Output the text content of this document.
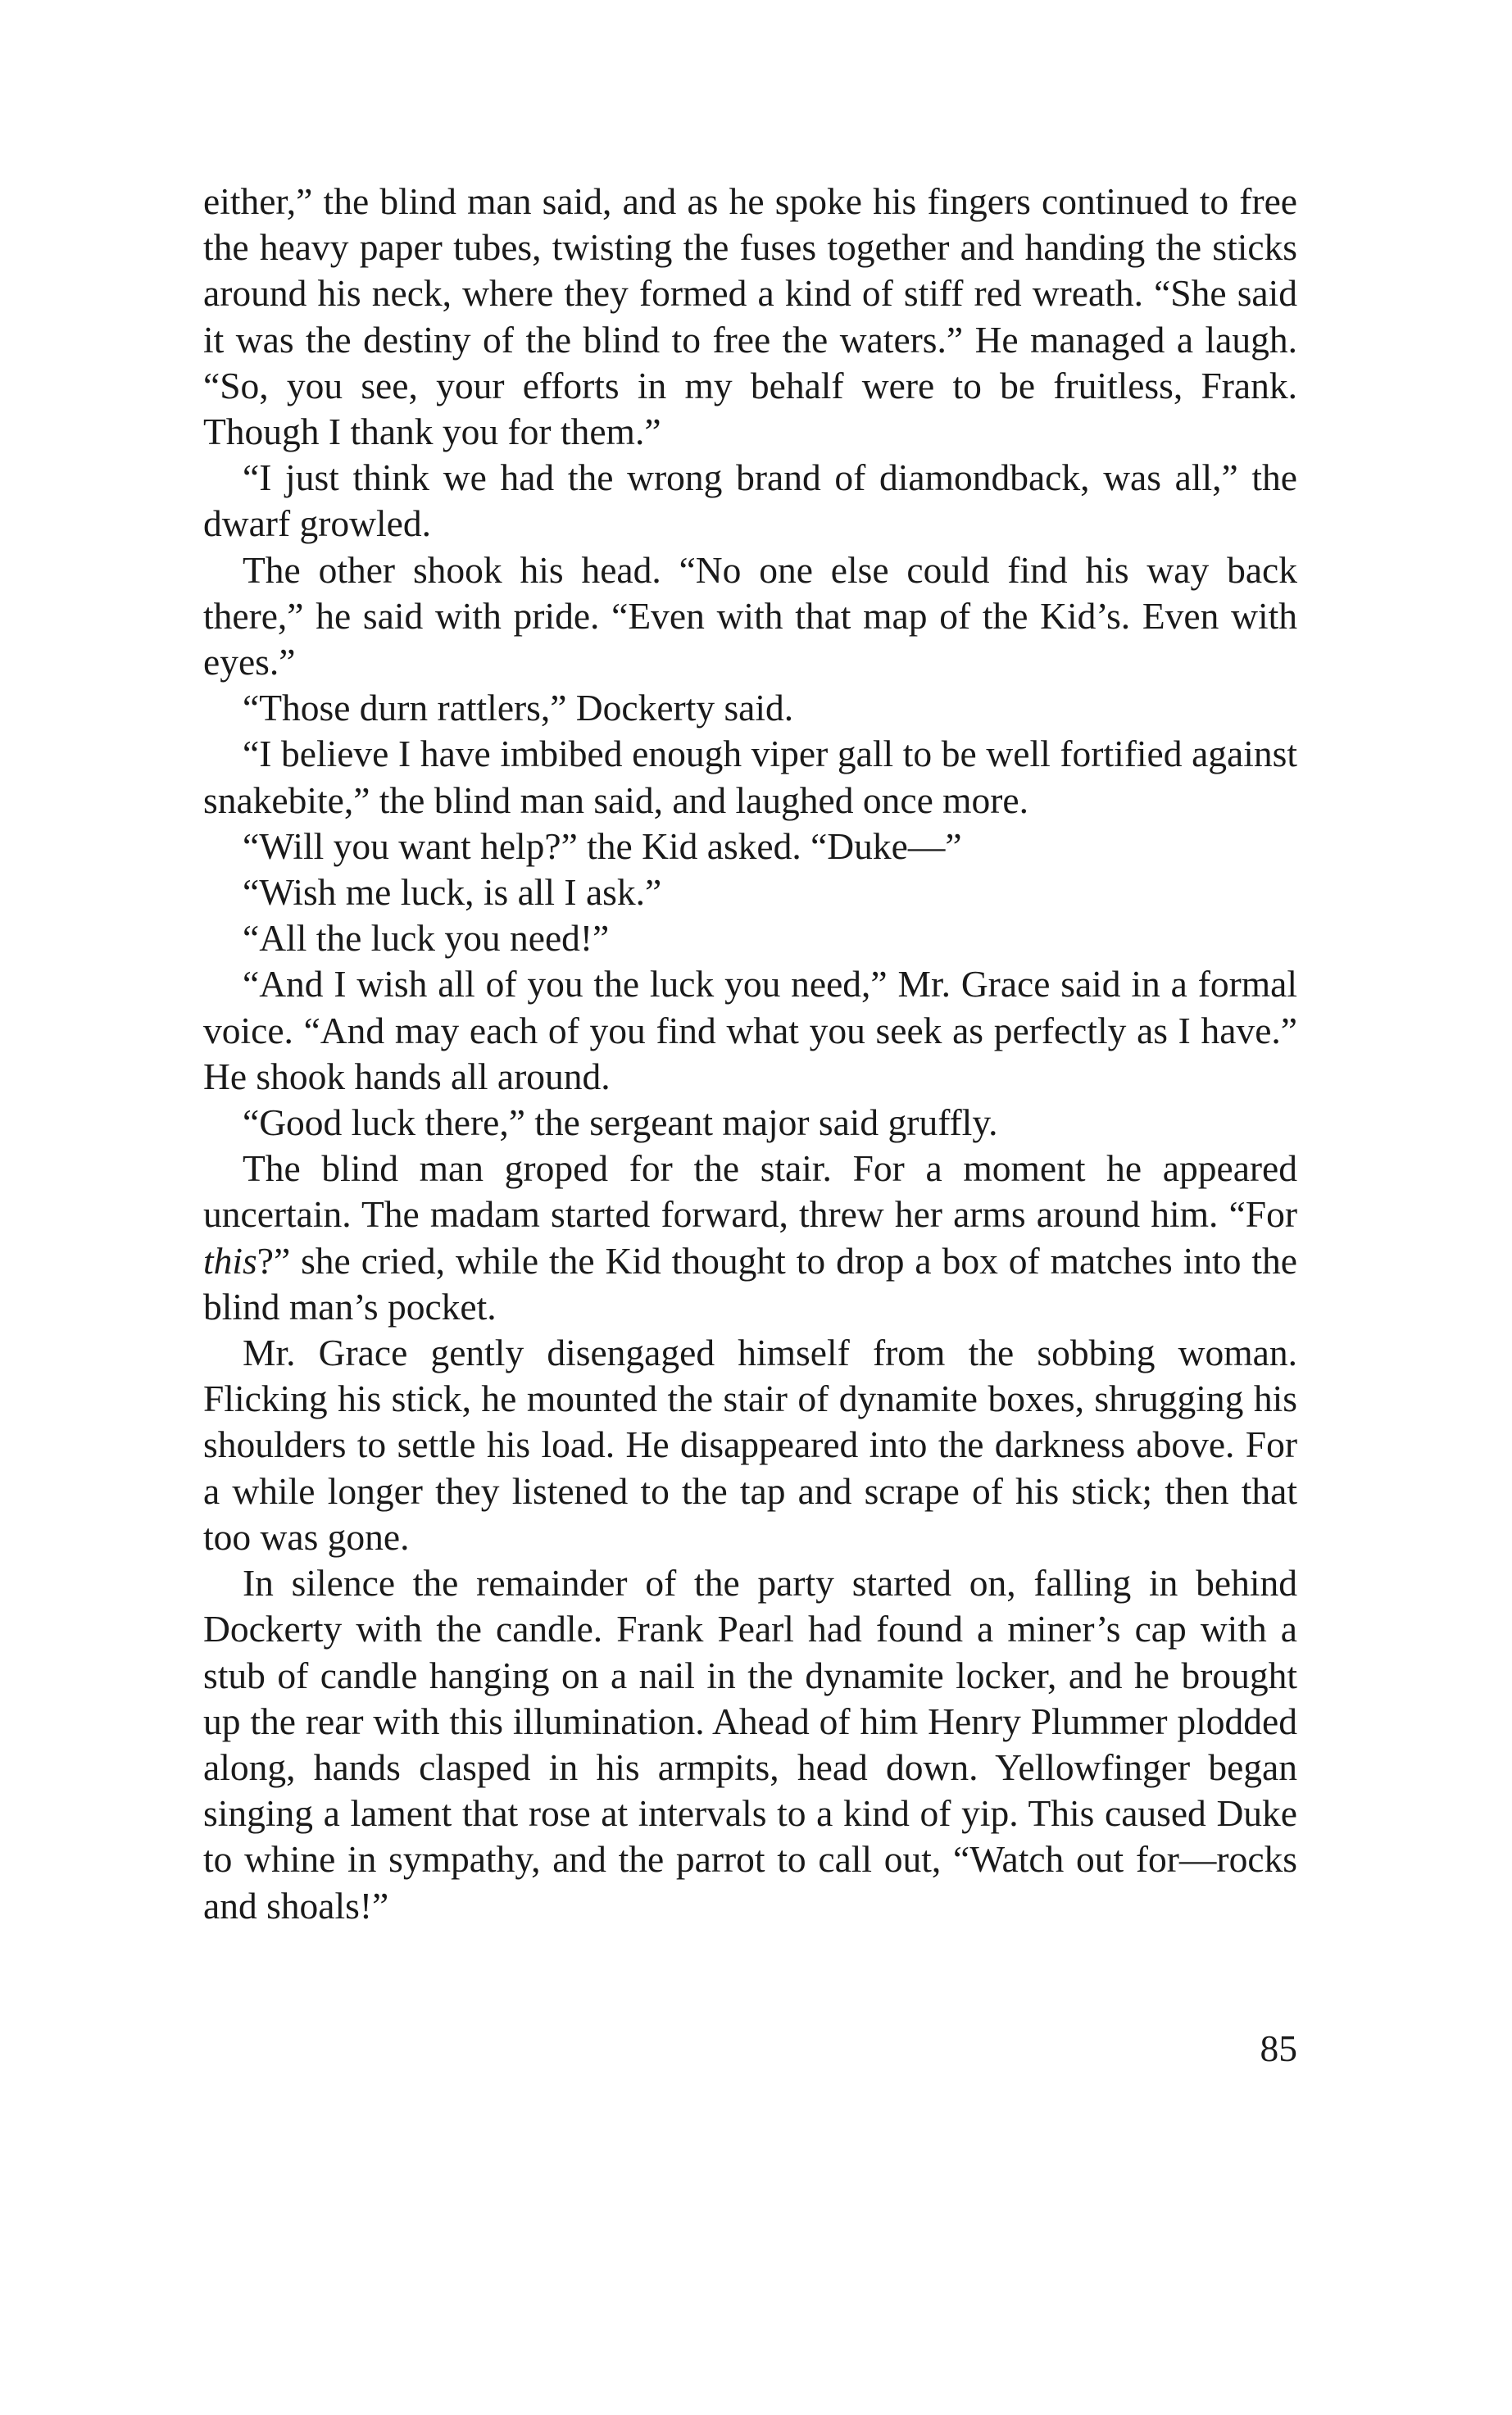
either,” the blind man said, and as he spoke his fingers continued to free the heavy paper tubes, twisting the fuses together and handing the sticks around his neck, where they formed a kind of stiff red wreath. “She said it was the destiny of the blind to free the waters.” He managed a laugh. “So, you see, your efforts in my behalf were to be fruitless, Frank. Though I thank you for them.”

“I just think we had the wrong brand of diamondback, was all,” the dwarf growled.

The other shook his head. “No one else could find his way back there,” he said with pride. “Even with that map of the Kid’s. Even with eyes.”

“Those durn rattlers,” Dockerty said.

“I believe I have imbibed enough viper gall to be well fortified against snakebite,” the blind man said, and laughed once more.

“Will you want help?” the Kid asked. “Duke—”

“Wish me luck, is all I ask.”

“All the luck you need!”

“And I wish all of you the luck you need,” Mr. Grace said in a formal voice. “And may each of you find what you seek as perfectly as I have.” He shook hands all around.

“Good luck there,” the sergeant major said gruffly.

The blind man groped for the stair. For a moment he appeared uncertain. The madam started forward, threw her arms around him. “For this?” she cried, while the Kid thought to drop a box of matches into the blind man’s pocket.

Mr. Grace gently disengaged himself from the sobbing woman. Flicking his stick, he mounted the stair of dynamite boxes, shrugging his shoulders to settle his load. He disappeared into the darkness above. For a while longer they listened to the tap and scrape of his stick; then that too was gone.

In silence the remainder of the party started on, falling in behind Dockerty with the candle. Frank Pearl had found a miner’s cap with a stub of candle hanging on a nail in the dynamite locker, and he brought up the rear with this illumination. Ahead of him Henry Plummer plodded along, hands clasped in his armpits, head down. Yellowfinger began singing a lament that rose at intervals to a kind of yip. This caused Duke to whine in sympathy, and the parrot to call out, “Watch out for—rocks and shoals!”

85
